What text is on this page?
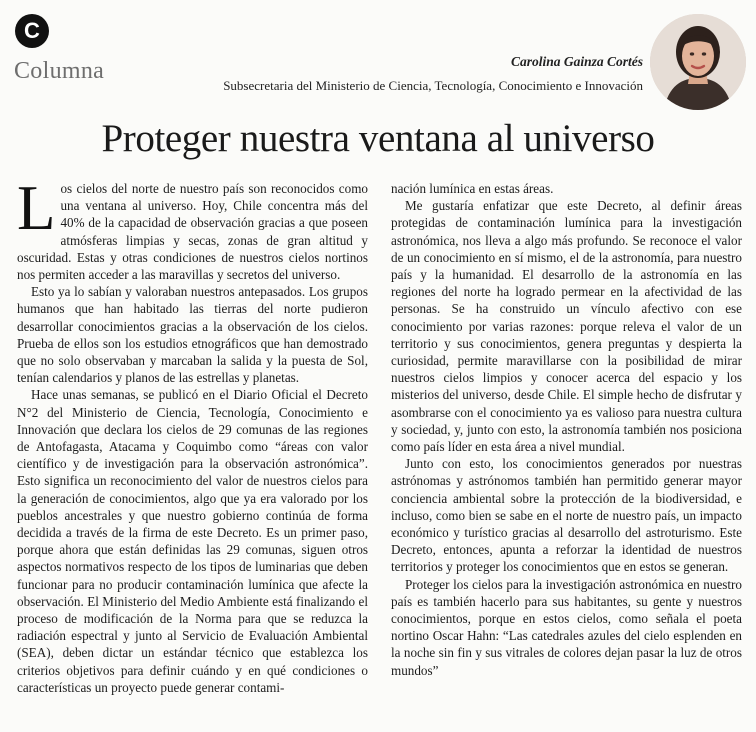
C
Columna	Carolina Gainza Cortés
Subsecretaria del Ministerio de Ciencia, Tecnología, Conocimiento e Innovación
Proteger nuestra ventana al universo

Los cielos del norte de nuestro país son reconocidos como una ventana al universo. Hoy, Chile concentra más del 40% de la capacidad de observación gracias a que poseen atmósferas limpias y secas, zonas de gran altitud y oscuridad. Estas y otras condiciones de nuestros cielos nortinos nos permiten acceder a las maravillas y secretos del universo.

Esto ya lo sabían y valoraban nuestros antepasados. Los grupos humanos que han habitado las tierras del norte pudieron desarrollar conocimientos gracias a la observación de los cielos. Prueba de ellos son los estudios etnográficos que han demostrado que no solo observaban y marcaban la salida y la puesta de Sol, tenían calendarios y planos de las estrellas y planetas.

Hace unas semanas, se publicó en el Diario Oficial el Decreto N°2 del Ministerio de Ciencia, Tecnología, Conocimiento e Innovación que declara los cielos de 29 comunas de las regiones de Antofagasta, Atacama y Coquimbo como “áreas con valor científico y de investigación para la observación astronómica”. Esto significa un reconocimiento del valor de nuestros cielos para la generación de conocimientos, algo que ya era valorado por los pueblos ancestrales y que nuestro gobierno continúa de forma decidida a través de la firma de este Decreto. Es un primer paso, porque ahora que están definidas las 29 comunas, siguen otros aspectos normativos respecto de los tipos de luminarias que deben funcionar para no producir contaminación lumínica que afecte la observación. El Ministerio del Medio Ambiente está finalizando el proceso de modificación de la Norma para que se reduzca la radiación espectral y junto al Servicio de Evaluación Ambiental (SEA), deben dictar un estándar técnico que establezca los criterios objetivos para definir cuándo y en qué condiciones o características un proyecto puede generar contami-

nación lumínica en estas áreas.

Me gustaría enfatizar que este Decreto, al definir áreas protegidas de contaminación lumínica para la investigación astronómica, nos lleva a algo más profundo. Se reconoce el valor de un conocimiento en sí mismo, el de la astronomía, para nuestro país y la humanidad. El desarrollo de la astronomía en las regiones del norte ha logrado permear en la afectividad de las personas. Se ha construido un vínculo afectivo con ese conocimiento por varias razones: porque releva el valor de un territorio y sus conocimientos, genera preguntas y despierta la curiosidad, permite maravillarse con la posibilidad de mirar nuestros cielos limpios y conocer acerca del espacio y los misterios del universo, desde Chile. El simple hecho de disfrutar y asombrarse con el conocimiento ya es valioso para nuestra cultura y sociedad, y, junto con esto, la astronomía también nos posiciona como país líder en esta área a nivel mundial.

Junto con esto, los conocimientos generados por nuestras astrónomas y astrónomos también han permitido generar mayor conciencia ambiental sobre la protección de la biodiversidad, e incluso, como bien se sabe en el norte de nuestro país, un impacto económico y turístico gracias al desarrollo del astroturismo. Este Decreto, entonces, apunta a reforzar la identidad de nuestros territorios y proteger los conocimientos que en estos se generan.

Proteger los cielos para la investigación astronómica en nuestro país es también hacerlo para sus habitantes, su gente y nuestros conocimientos, porque en estos cielos, como señala el poeta nortino Oscar Hahn: “Las catedrales azules del cielo esplenden en la noche sin fin y sus vitrales de colores dejan pasar la luz de otros mundos”
